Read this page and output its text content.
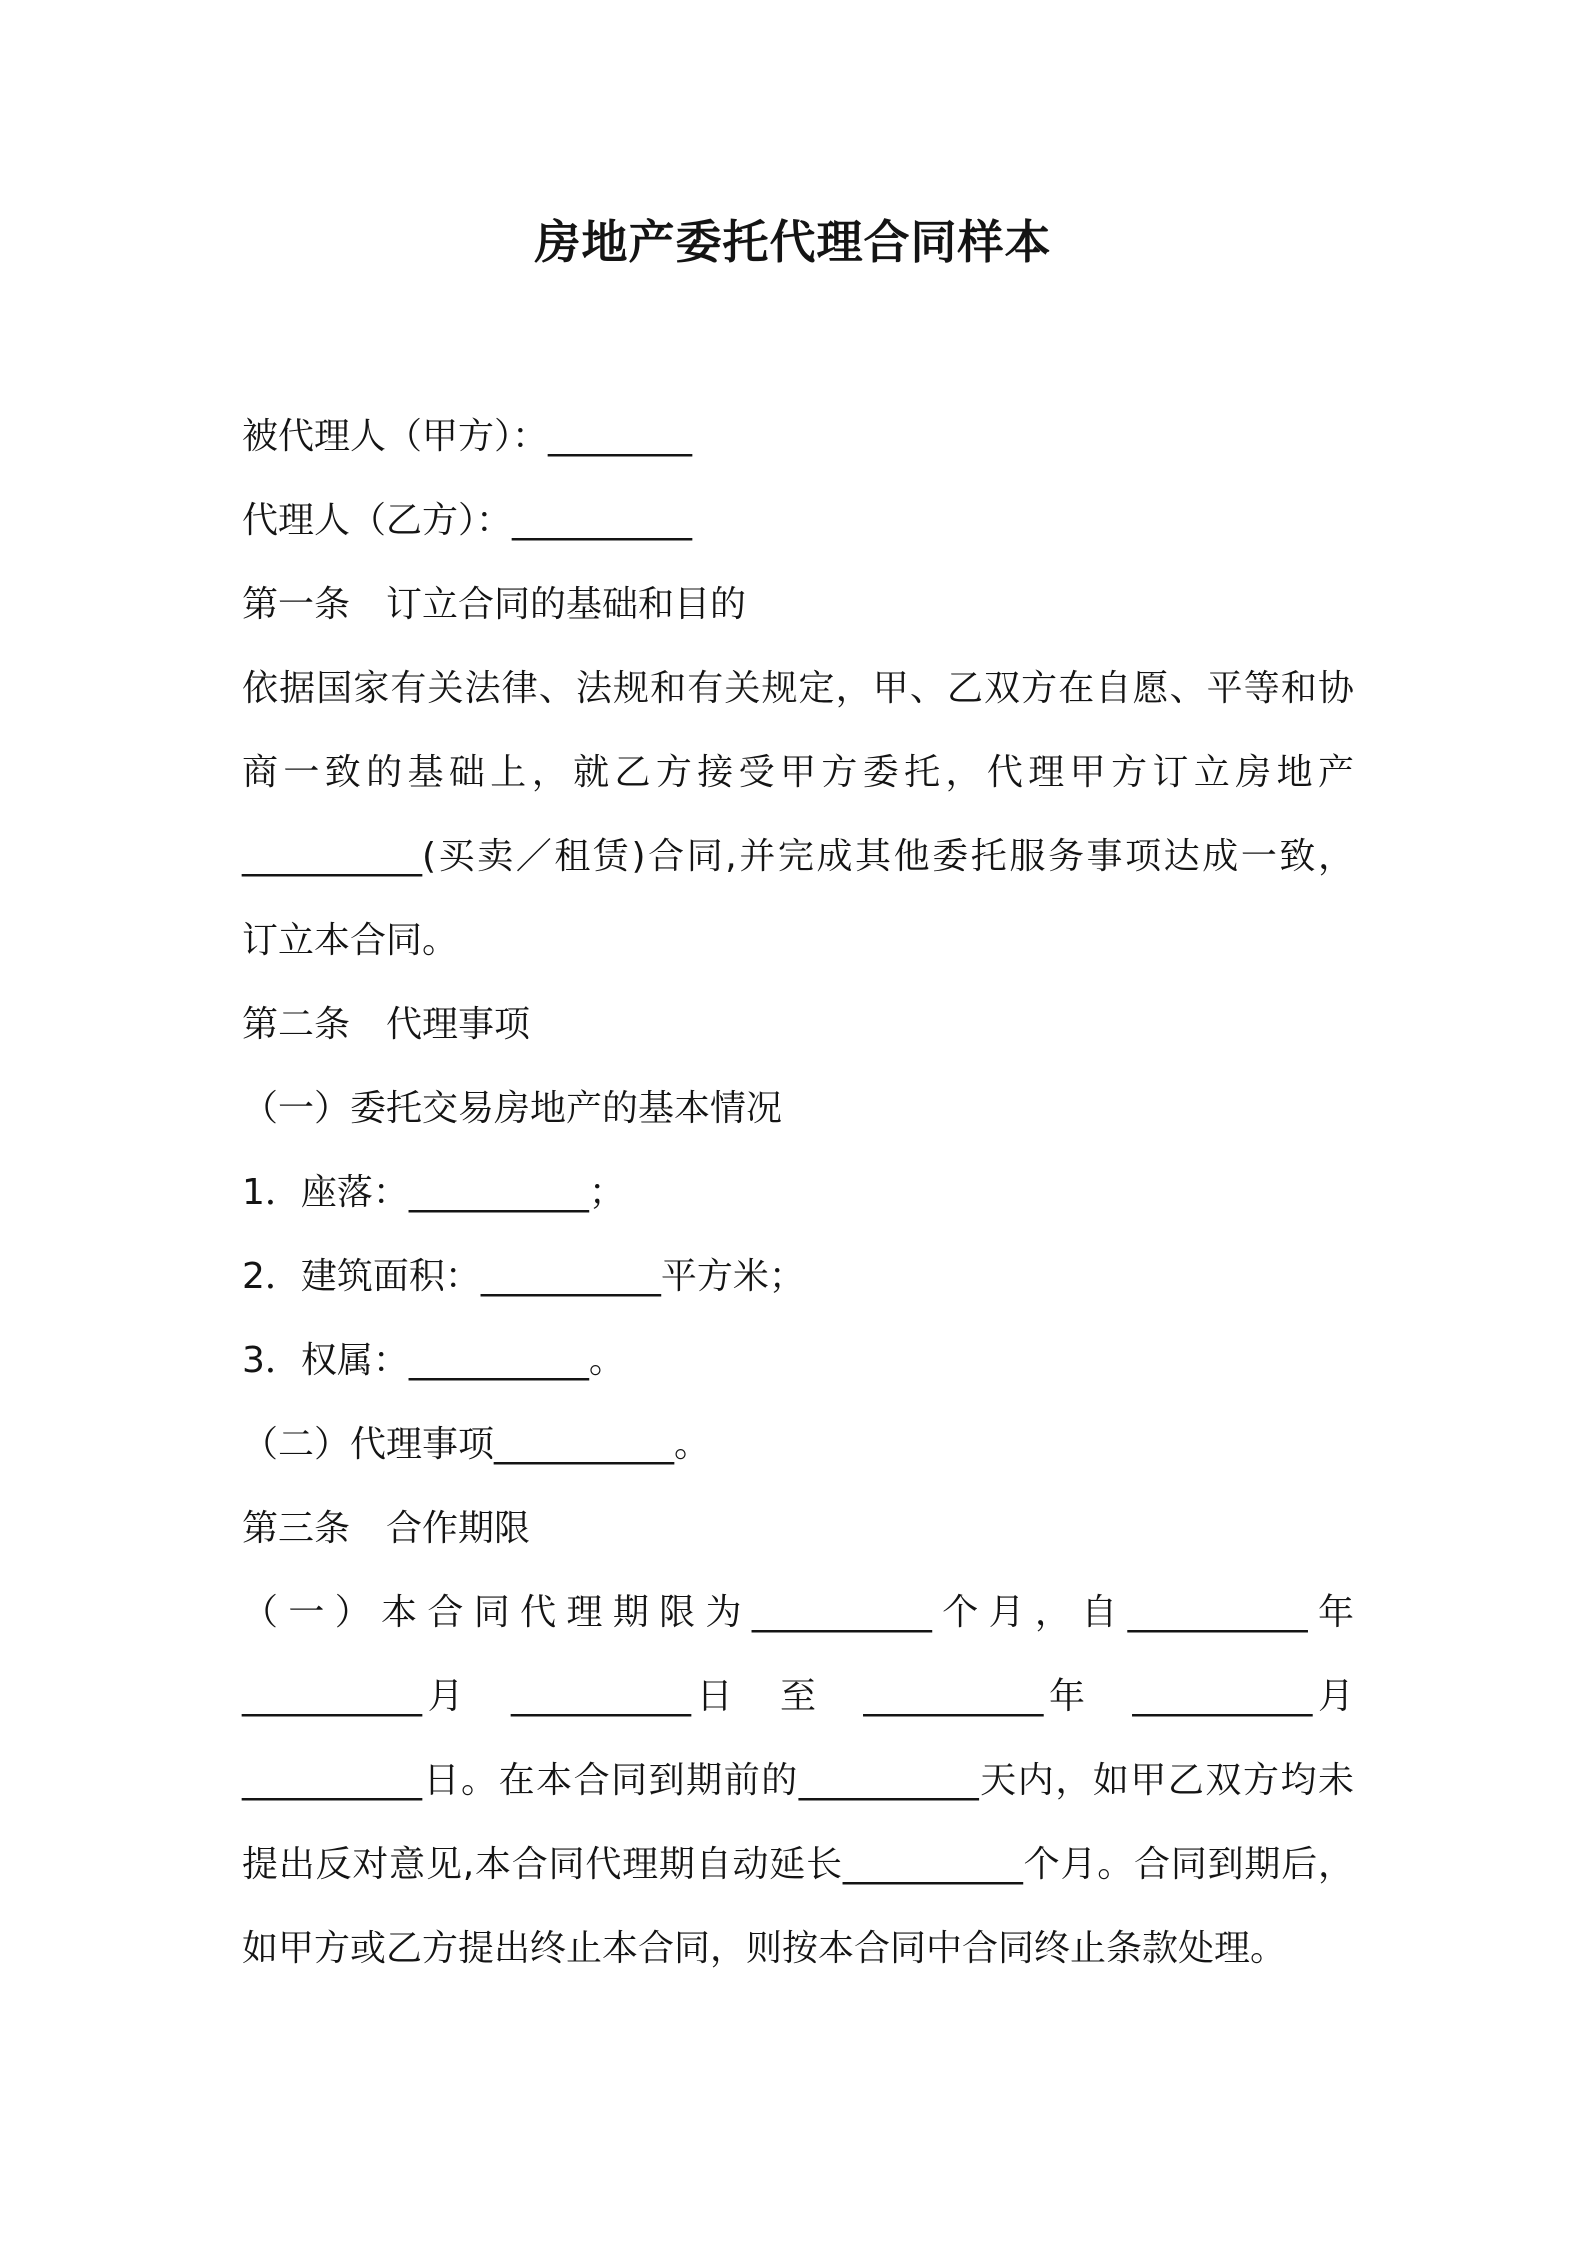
房地产委托代理合同样本
被代理人（甲方）：________
代理人（乙方）：__________
第一条　订立合同的基础和目的
依据国家有关法律、法规和有关规定，甲、乙双方在自愿、平等和协
商一致的基础上，就乙方接受甲方委托，代理甲方订立房地产
__________(买卖／租赁)合同,并完成其他委托服务事项达成一致，
订立本合同。
第二条　代理事项
（一）委托交易房地产的基本情况
1．座落：__________；
2．建筑面积：__________平方米；
3．权属：__________。
（二）代理事项__________。
第三条　合作期限
（一）本合同代理期限为__________个月，自__________年
__________月　__________日　至　__________年　__________月
__________日。在本合同到期前的__________天内，如甲乙双方均未
提出反对意见,本合同代理期自动延长__________个月。合同到期后，
如甲方或乙方提出终止本合同，则按本合同中合同终止条款处理。
